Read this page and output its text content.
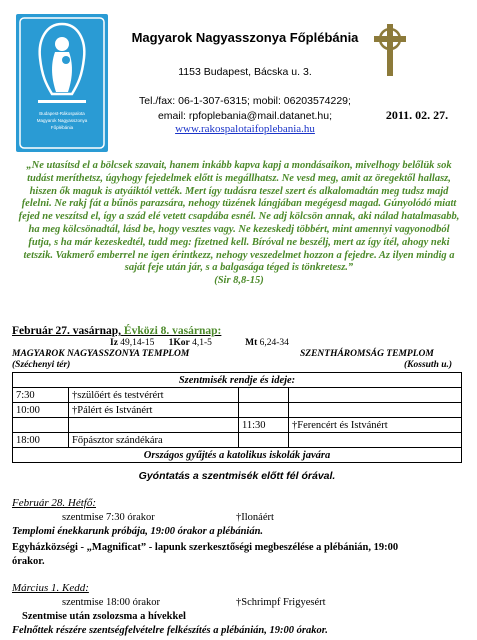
Budapest-Rákospalota
Magyarok Nagyasszonya
Főplébánia
Magyarok Nagyasszonya Főplébánia
1153 Budapest, Bácska u. 3.
Tel./fax: 06-1-307-6315; mobil: 06203574229;
email: rpfoplebania@mail.datanet.hu;
www.rakospalotaifoplebania.hu
2011. 02. 27.
„Ne utasítsd el a bölcsek szavait, hanem inkább kapva kapj a mondásaikon, mivelhogy belőlük sok tudást meríthetsz, úgyhogy fejedelmek előtt is megállhatsz. Ne vesd meg, amit az öregektől hallasz, hiszen ők maguk is atyáiktól vették. Mert így tudásra teszel szert és alkalomadtán meg tudsz majd felelni. Ne rakj fát a bűnös parazsára, nehogy tüzének lángjában megégesd magad. Gúnyolódó miatt fejed ne veszítsd el, így a szád elé vetett csapdába esnél. Ne adj kölcsön annak, aki nálad hatalmasabb, ha meg kölcsönadtál, lásd be, hogy vesztes vagy. Ne kezeskedj többért, mint amennyi vagyonodból futja, s ha már kezeskedtél, tudd meg: fizetned kell. Bíróval ne beszélj, mert az így ítél, ahogy neki tetszik. Vakmerő emberrel ne igen érintkezz, nehogy veszedelmet hozzon a fejedre. Az ilyen mindig a saját feje után jár, s a balgasága téged is tönkretesz.”
(Sir 8,8-15)
Február 27. vasárnap, Évközi 8. vasárnap:
Iz 49,14-15 1Kor 4,1-5	Mt 6,24-34
MAGYAROK NAGYASSZONYA TEMPLOM	SZENTHÁROMSÁG TEMPLOM
(Széchenyi tér)	(Kossuth u.)
Szentmisék rendje és ideje:			
7:30	†szülőért és testvérért		
10:00	†Pálért és Istvánért		
		11:30	†Ferencért és Istvánért
18:00	Főpásztor szándékára		
Országos gyűjtés a katolikus iskolák javára			
Gyóntatás a szentmisék előtt fél órával.
Február 28. Hétfő:
szentmise 7:30 órakor	†Ilonáért
Templomi énekkarunk próbája, 19:00 órakor a plébánián.
Egyházközségi - „Magnificat” - lapunk szerkesztőségi megbeszélése a plébánián, 19:00 órakor.
Március 1. Kedd:
szentmise 18:00 órakor	†Schrimpf Frigyesért
Szentmise után zsolozsma a hívekkel
Felnőttek részére szentségfelvételre felkészítés a plébánián, 19:00 órakor.
